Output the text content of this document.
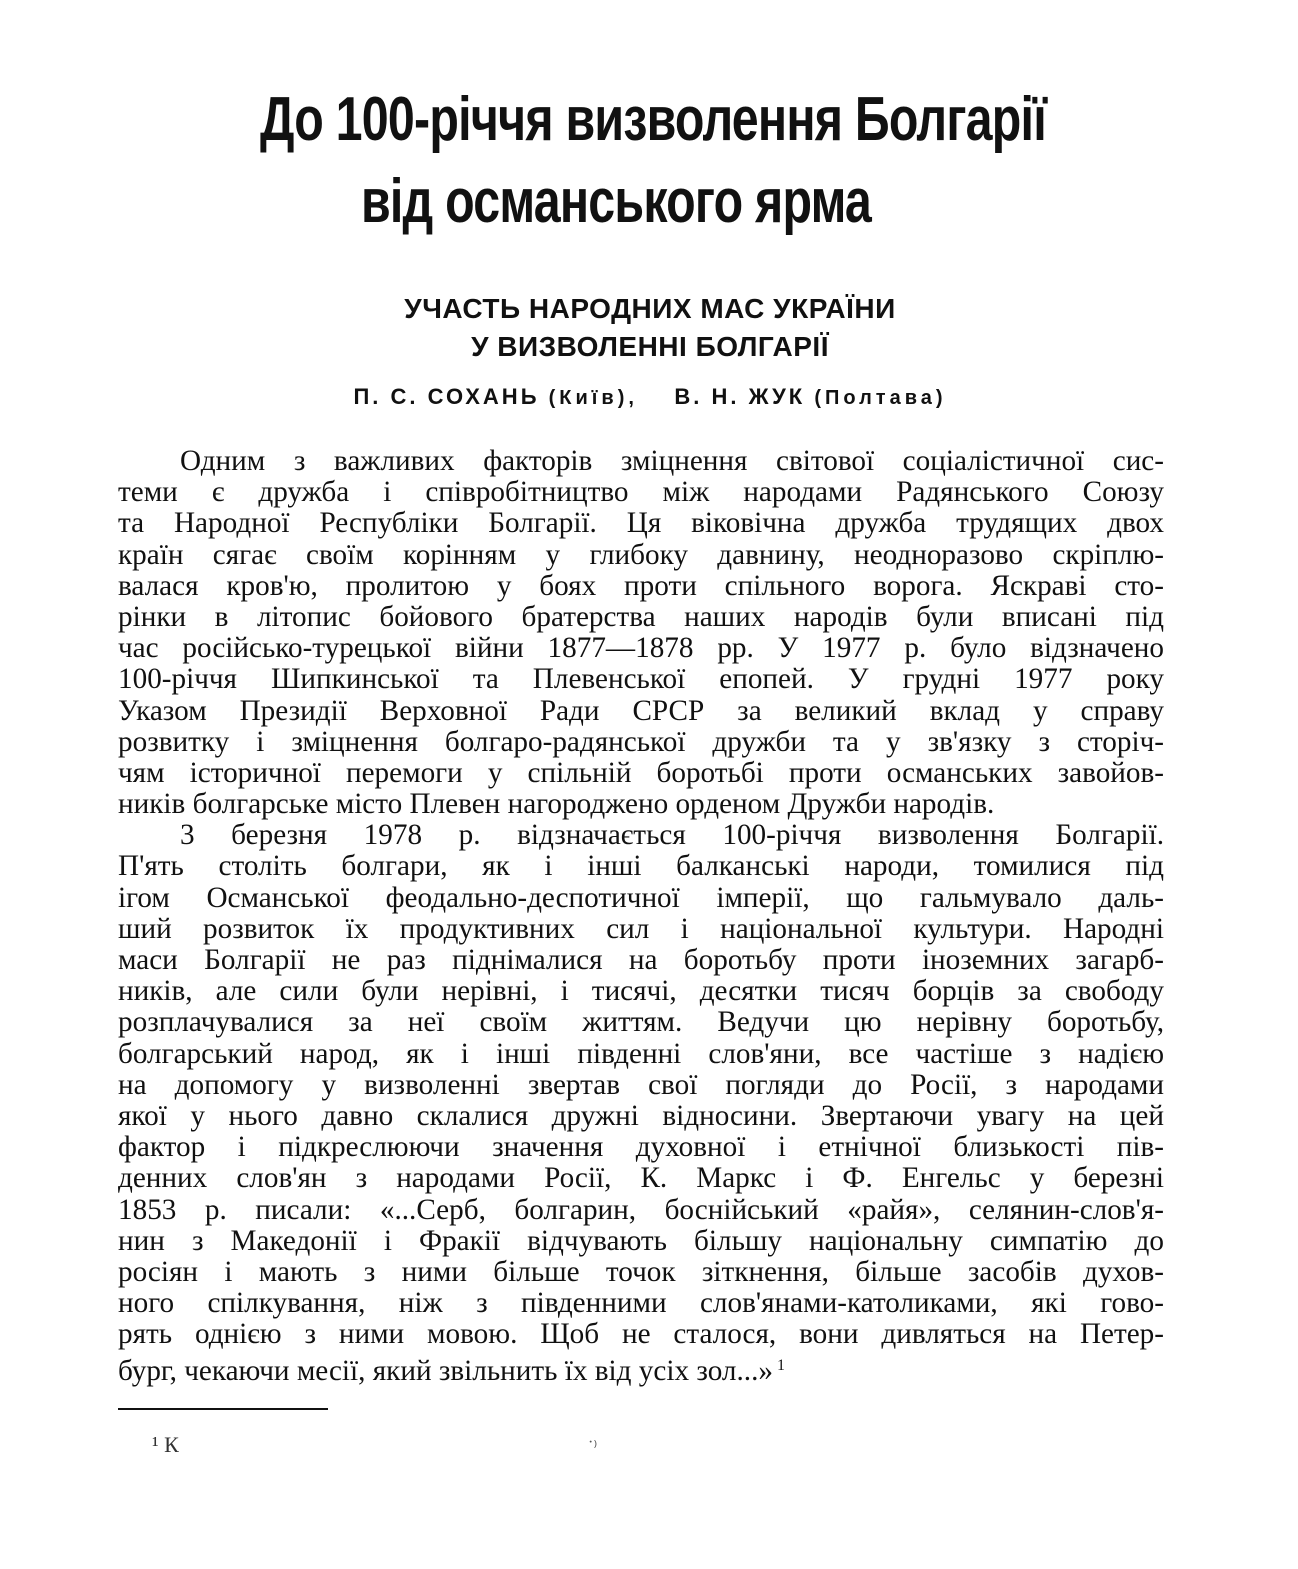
До 100-річчя визволення Болгарії
від османського ярма
УЧАСТЬ НАРОДНИХ МАС УКРАЇНИ
У ВИЗВОЛЕННІ БОЛГАРІЇ
П. С. СОХАНЬ (Київ), В. Н. ЖУК (Полтава)
Одним з важливих факторів зміцнення світової соціалістичної сис-
теми є дружба і співробітництво між народами Радянського Союзу
та Народної Республіки Болгарії. Ця віковічна дружба трудящих двох
країн сягає своїм корінням у глибоку давнину, неодноразово скріплю-
валася кров'ю, пролитою у боях проти спільного ворога. Яскраві сто-
рінки в літопис бойового братерства наших народів були вписані під
час російсько-турецької війни 1877—1878 рр. У 1977 р. було відзначено
100-річчя Шипкинської та Плевенської епопей. У грудні 1977 року
Указом Президії Верховної Ради СРСР за великий вклад у справу
розвитку і зміцнення болгаро-радянської дружби та у зв'язку з сторіч-
чям історичної перемоги у спільній боротьбі проти османських завойов-
ників болгарське місто Плевен нагороджено орденом Дружби народів.
3 березня 1978 р. відзначається 100-річчя визволення Болгарії.
П'ять століть болгари, як і інші балканські народи, томилися під
ігом Османської феодально-деспотичної імперії, що гальмувало даль-
ший розвиток їх продуктивних сил і національної культури. Народні
маси Болгарії не раз піднімалися на боротьбу проти іноземних загарб-
ників, але сили були нерівні, і тисячі, десятки тисяч борців за свободу
розплачувалися за неї своїм життям. Ведучи цю нерівну боротьбу,
болгарський народ, як і інші південні слов'яни, все частіше з надією
на допомогу у визволенні звертав свої погляди до Росії, з народами
якої у нього давно склалися дружні відносини. Звертаючи увагу на цей
фактор і підкреслюючи значення духовної і етнічної близькості пів-
денних слов'ян з народами Росії, К. Маркс і Ф. Енгельс у березні
1853 р. писали: «...Серб, болгарин, боснійський «райя», селянин-слов'я-
нин з Македонії і Фракії відчувають більшу національну симпатію до
росіян і мають з ними більше точок зіткнення, більше засобів духов-
ного спілкування, ніж з південними слов'янами-католиками, які гово-
рять однією з ними мовою. Щоб не сталося, вони дивляться на Петер-
бург, чекаючи месії, який звільнить їх від усіх зол...» $^1$
¹ К	·₎
